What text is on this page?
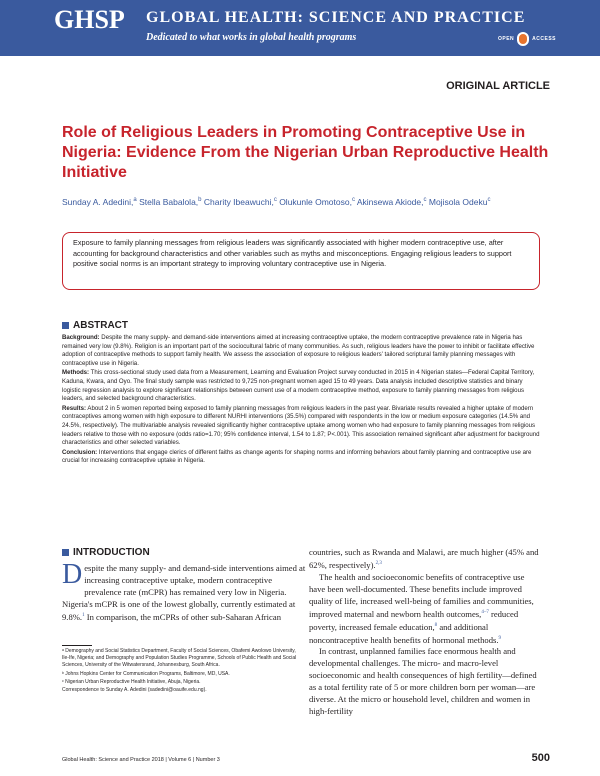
GHSP GLOBAL HEALTH: SCIENCE AND PRACTICE
Dedicated to what works in global health programs	OPEN	ACCESS
ORIGINAL ARTICLE
Role of Religious Leaders in Promoting Contraceptive Use in Nigeria: Evidence From the Nigerian Urban Reproductive Health Initiative
Sunday A. Adedini,$^a$ Stella Babalola,$^b$ Charity Ibeawuchi,$^c$ Olukunle Omotoso,$^c$ Akinsewa Akiode,$^c$ Mojisola Odeku$^c$
Exposure to family planning messages from religious leaders was significantly associated with higher modern contraceptive use, after accounting for background characteristics and other variables such as myths and misconceptions. Engaging religious leaders to support positive social norms is an important strategy to improving voluntary contraceptive use in Nigeria.
ABSTRACT

Background: Despite the many supply- and demand-side interventions aimed at increasing contraceptive uptake, the modern contraceptive prevalence rate in Nigeria has remained very low (9.8%). Religion is an important part of the sociocultural fabric of many communities. As such, religious leaders have the power to inhibit or facilitate effective adoption of contraceptive methods to support family health. We assess the association of exposure to religious leaders' tailored scriptural family planning messages with contraceptive use in Nigeria.

Methods: This cross-sectional study used data from a Measurement, Learning and Evaluation Project survey conducted in 2015 in 4 Nigerian states—Federal Capital Territory, Kaduna, Kwara, and Oyo. The final study sample was restricted to 9,725 non-pregnant women aged 15 to 49 years. Data analysis included descriptive statistics and binary logistic regression analysis to explore significant relationships between current use of a modern contraceptive method, exposure to family planning messages from religious leaders, and selected background characteristics.

Results: About 2 in 5 women reported being exposed to family planning messages from religious leaders in the past year. Bivariate results revealed a higher uptake of modern contraceptives among women with high exposure to different NURHI interventions (35.5%) compared with respondents in the low or medium exposure categories (14.5% and 24.5%, respectively). The multivariable analysis revealed significantly higher contraceptive uptake among women who had exposure to family planning messages from religious leaders relative to those with no exposure (odds ratio=1.70; 95% confidence interval, 1.54 to 1.87; P<.001). This association remained significant after adjustment for background characteristics and other selected variables.

Conclusion: Interventions that engage clerics of different faiths as change agents for shaping norms and informing behaviors about family planning and contraceptive use are crucial for increasing contraceptive uptake in Nigeria.

INTRODUCTION
Despite the many supply- and demand-side interventions aimed at increasing contraceptive uptake, modern contraceptive prevalence rate (mCPR) has remained very low in Nigeria. Nigeria's mCPR is one of the lowest globally, currently estimated at 9.8%.$^1$ In comparison, the mCPRs of other sub-Saharan African

countries, such as Rwanda and Malawi, are much higher (45% and 62%, respectively).$^{2,3}$

The health and socioeconomic benefits of contraceptive use have been well-documented. These benefits include improved quality of life, increased well-being of families and communities, improved maternal and newborn health outcomes,$^{4-7}$ reduced poverty, increased female education,$^8$ and additional noncontraceptive health benefits of hormonal methods.$^9$

In contrast, unplanned families face enormous health and developmental challenges. The micro- and macro-level socioeconomic and health consequences of high fertility—defined as a total fertility rate of 5 or more children born per woman—are diverse. At the micro or household level, children and women in high-fertility

ᵃ Demography and Social Statistics Department, Faculty of Social Sciences, Obafemi Awolowo University, Ile-Ife, Nigeria; and Demography and Population Studies Programme, Schools of Public Health and Social Sciences, University of the Witwatersrand, Johannesburg, South Africa.

ᵇ Johns Hopkins Center for Communication Programs, Baltimore, MD, USA.

ᶜ Nigerian Urban Reproductive Health Initiative, Abuja, Nigeria.

Correspondence to Sunday A. Adedini (sadedini@oauife.edu.ng).

Global Health: Science and Practice 2018 | Volume 6 | Number 3	500
